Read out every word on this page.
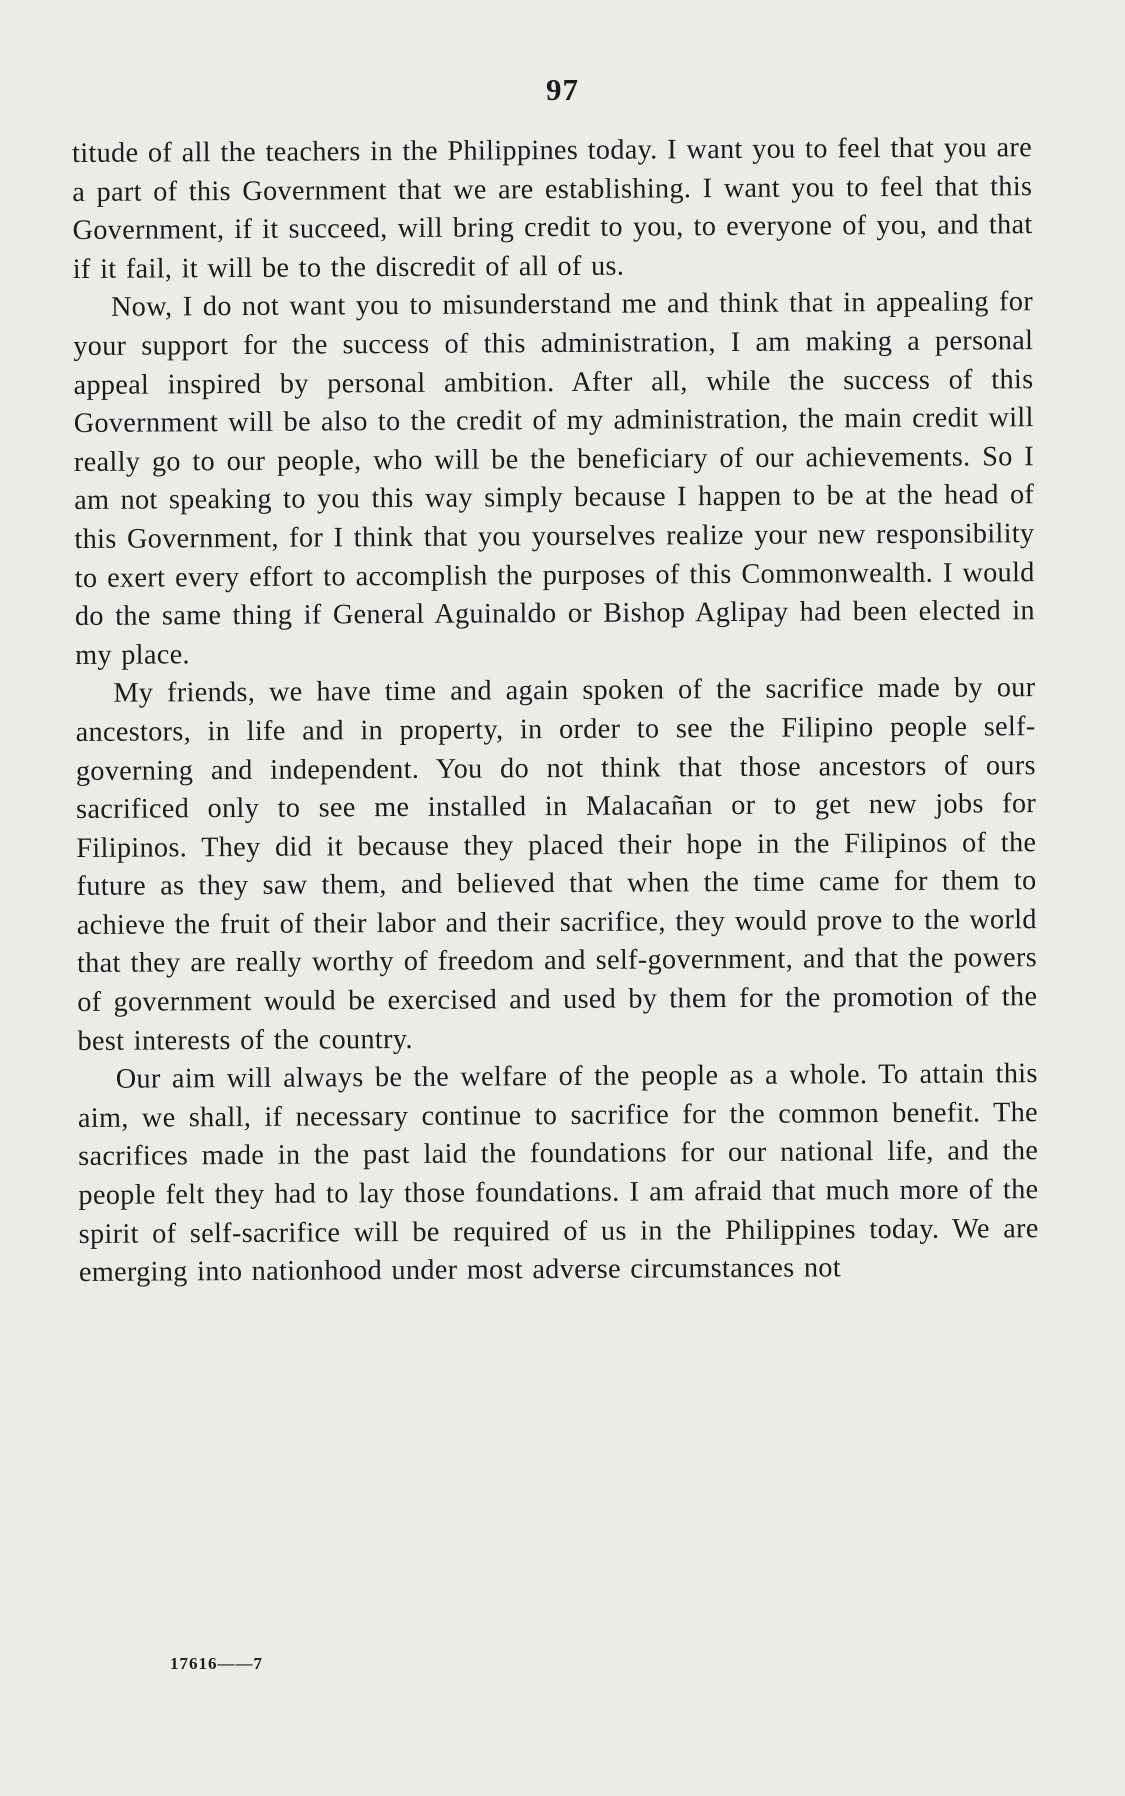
97

titude of all the teachers in the Philippines today. I want you to feel that you are a part of this Government that we are establishing. I want you to feel that this Government, if it succeed, will bring credit to you, to everyone of you, and that if it fail, it will be to the discredit of all of us.

Now, I do not want you to misunderstand me and think that in appealing for your support for the success of this administration, I am making a personal appeal inspired by personal ambition. After all, while the success of this Government will be also to the credit of my administration, the main credit will really go to our people, who will be the beneficiary of our achievements. So I am not speaking to you this way simply because I happen to be at the head of this Government, for I think that you yourselves realize your new responsibility to exert every effort to accomplish the purposes of this Commonwealth. I would do the same thing if General Aguinaldo or Bishop Aglipay had been elected in my place.

My friends, we have time and again spoken of the sacrifice made by our ancestors, in life and in property, in order to see the Filipino people self-governing and independent. You do not think that those ancestors of ours sacrificed only to see me installed in Malacañan or to get new jobs for Filipinos. They did it because they placed their hope in the Filipinos of the future as they saw them, and believed that when the time came for them to achieve the fruit of their labor and their sacrifice, they would prove to the world that they are really worthy of freedom and self-government, and that the powers of government would be exercised and used by them for the promotion of the best interests of the country.

Our aim will always be the welfare of the people as a whole. To attain this aim, we shall, if necessary continue to sacrifice for the common benefit. The sacrifices made in the past laid the foundations for our national life, and the people felt they had to lay those foundations. I am afraid that much more of the spirit of self-sacrifice will be required of us in the Philippines today. We are emerging into nationhood under most adverse circumstances not

17616——7
